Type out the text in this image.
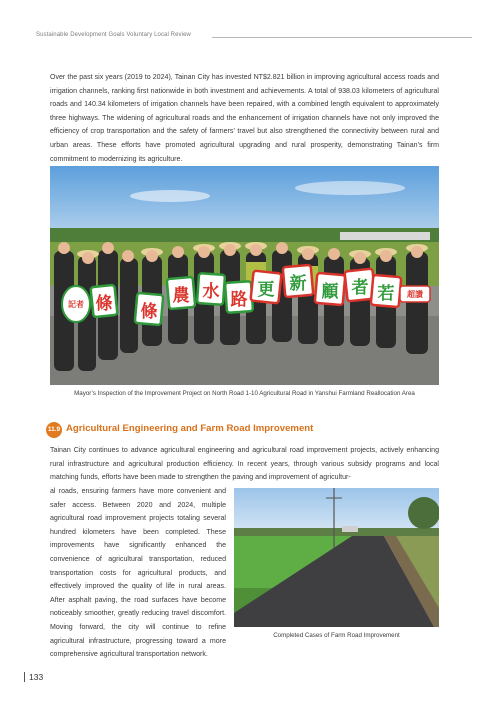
Sustainable Development Goals Voluntary Local Review

Over the past six years (2019 to 2024), Tainan City has invested NT$2.821 billion in improving agricultural access roads and irrigation channels, ranking first nationwide in both investment and achievements. A total of 938.03 kilometers of agricultural roads and 140.34 kilometers of irrigation channels have been repaired, with a combined length equivalent to approximately three highways. The widening of agricultural roads and the enhancement of irrigation channels have not only improved the efficiency of crop transportation and the safety of farmers’ travel but also strengthened the connectivity between rural and urban areas. These efforts have promoted agricultural upgrading and rural prosperity, demonstrating Tainan’s firm commitment to modernizing its agriculture.

記者 條 條
農 水 路 更 新 顧 者 若 超讚
Mayor’s Inspection of the Improvement Project on North Road 1-10 Agricultural Road in Yanshui Farmland Reallocation Area
11.9 Agricultural Engineering and Farm Road Improvement

Tainan City continues to advance agricultural engineering and agricultural road improvement projects, actively enhancing rural infrastructure and agricultural production efficiency. In recent years, through various subsidy programs and local matching funds, efforts have been made to strengthen the paving and improvement of agricultur-

al roads, ensuring farmers have more convenient and safer access. Between 2020 and 2024, multiple agricultural road improvement projects totaling several hundred kilometers have been completed. These improvements have significantly enhanced the convenience of agricultural transportation, reduced transportation costs for agricultural products, and effectively improved the quality of life in rural areas. After asphalt paving, the road surfaces have become noticeably smoother, greatly reducing travel discomfort. Moving forward, the city will continue to refine agricultural infrastructure, progressing toward a more comprehensive agricultural transportation network.

Completed Cases of Farm Road Improvement
133
